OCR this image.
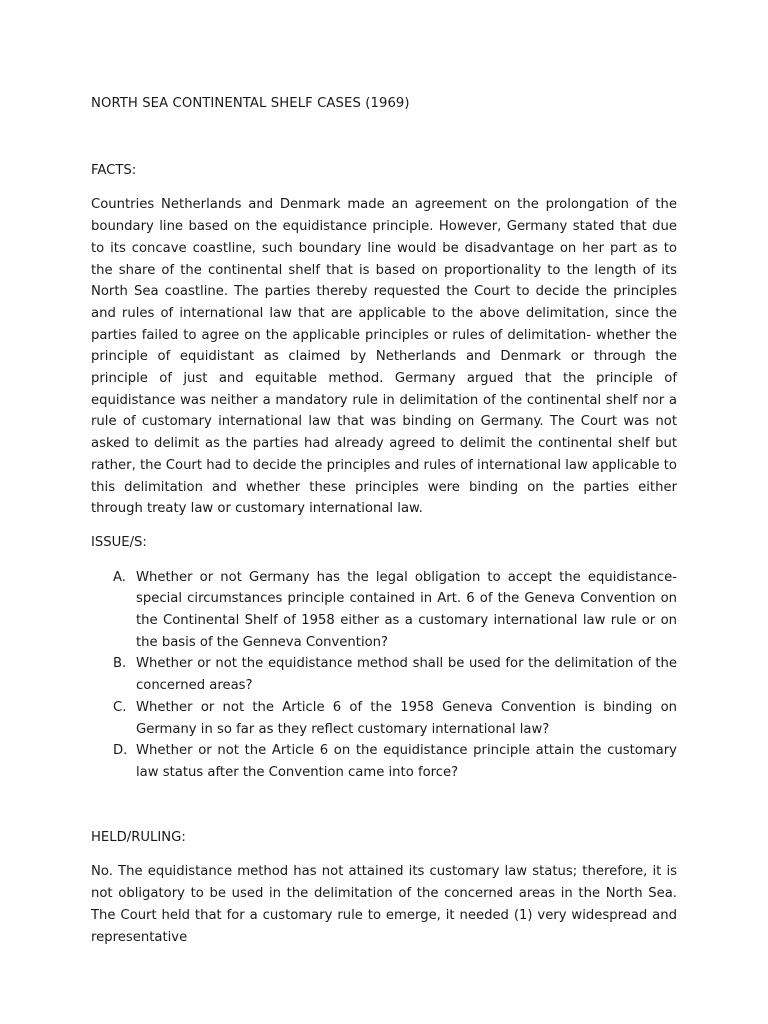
NORTH SEA CONTINENTAL SHELF CASES (1969)
FACTS:

Countries Netherlands and Denmark made an agreement on the prolongation of the boundary line based on the equidistance principle. However, Germany stated that due to its concave coastline, such boundary line would be disadvantage on her part as to the share of the continental shelf that is based on proportionality to the length of its North Sea coastline. The parties thereby requested the Court to decide the principles and rules of international law that are applicable to the above delimitation, since the parties failed to agree on the applicable principles or rules of delimitation- whether the principle of equidistant as claimed by Netherlands and Denmark or through the principle of just and equitable method. Germany argued that the principle of equidistance was neither a mandatory rule in delimitation of the continental shelf nor a rule of customary international law that was binding on Germany. The Court was not asked to delimit as the parties had already agreed to delimit the continental shelf but rather, the Court had to decide the principles and rules of international law applicable to this delimitation and whether these principles were binding on the parties either through treaty law or customary international law.

ISSUE/S:
A. Whether or not Germany has the legal obligation to accept the equidistance-special circumstances principle contained in Art. 6 of the Geneva Convention on the Continental Shelf of 1958 either as a customary international law rule or on the basis of the Genneva Convention?
B. Whether or not the equidistance method shall be used for the delimitation of the concerned areas?
C. Whether or not the Article 6 of the 1958 Geneva Convention is binding on Germany in so far as they reflect customary international law?
D. Whether or not the Article 6 on the equidistance principle attain the customary law status after the Convention came into force?
HELD/RULING:

No. The equidistance method has not attained its customary law status; therefore, it is not obligatory to be used in the delimitation of the concerned areas in the North Sea. The Court held that for a customary rule to emerge, it needed (1) very widespread and representative
